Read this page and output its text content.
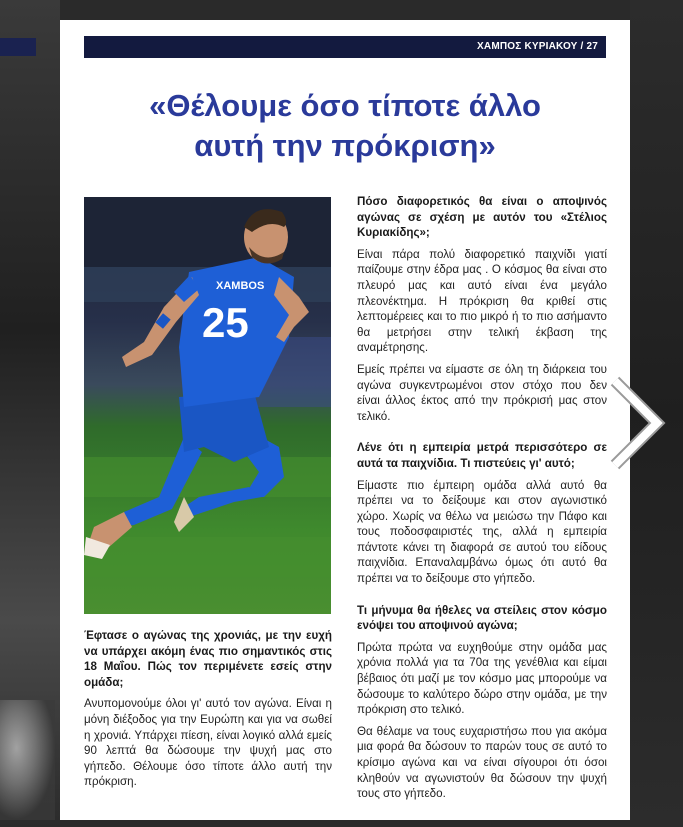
ΧΑΜΠΟΣ ΚΥΡΙΑΚΟΥ / 27
«Θέλουμε όσο τίποτε άλλο
αυτή την πρόκριση»
25
XAMBOS

Έφτασε ο αγώνας της χρονιάς, με την ευχή να υπάρχει ακόμη ένας πιο σημαντικός στις 18 Μαΐου. Πώς τον περιμένετε εσείς στην ομάδα;

Ανυπομονούμε όλοι γι' αυτό τον αγώνα. Είναι η μόνη διέξοδος για την Ευρώπη και για να σωθεί η χρονιά. Υπάρχει πίεση, είναι λογικό αλλά εμείς 90 λεπτά θα δώσουμε την ψυχή μας στο γήπεδο. Θέλουμε όσο τίποτε άλλο αυτή την πρόκριση.

Πόσο διαφορετικός θα είναι ο αποψινός αγώνας σε σχέση με αυτόν του «Στέλιος Κυριακίδης»;

Είναι πάρα πολύ διαφορετικό παιχνίδι γιατί παίζουμε στην έδρα μας . Ο κόσμος θα είναι στο πλευρό μας και αυτό είναι ένα μεγάλο πλεονέκτημα. Η πρόκριση θα κριθεί στις λεπτομέρειες και το πιο μικρό ή το πιο ασήμαντο θα μετρήσει στην τελική έκβαση της αναμέτρησης.

Εμείς πρέπει να είμαστε σε όλη τη διάρκεια του αγώνα συγκεντρωμένοι στον στόχο που δεν είναι άλλος έκτος από την πρόκρισή μας στον τελικό.

Λένε ότι η εμπειρία μετρά περισσότερο σε αυτά τα παιχνίδια. Τι πιστεύεις γι' αυτό;

Είμαστε πιο έμπειρη ομάδα αλλά αυτό θα πρέπει να το δείξουμε και στον αγωνιστικό χώρο. Χωρίς να θέλω να μειώσω την Πάφο και τους ποδοσφαιριστές της, αλλά η εμπειρία πάντοτε κάνει τη διαφορά σε αυτού του είδους παιχνίδια. Επαναλαμβάνω όμως ότι αυτό θα πρέπει να το δείξουμε στο γήπεδο.

Τι μήνυμα θα ήθελες να στείλεις στον κόσμο ενόψει του αποψινού αγώνα;

Πρώτα πρώτα να ευχηθούμε στην ομάδα μας χρόνια πολλά για τα 70α της γενέθλια και είμαι βέβαιος ότι μαζί με τον κόσμο μας μπορούμε να δώσουμε το καλύτερο δώρο στην ομάδα, με την πρόκριση στο τελικό.

Θα θέλαμε να τους ευχαριστήσω που για ακόμα μια φορά θα δώσουν το παρών τους σε αυτό το κρίσιμο αγώνα και να είναι σίγουροι ότι όσοι κληθούν να αγωνιστούν θα δώσουν την ψυχή τους στο γήπεδο.
